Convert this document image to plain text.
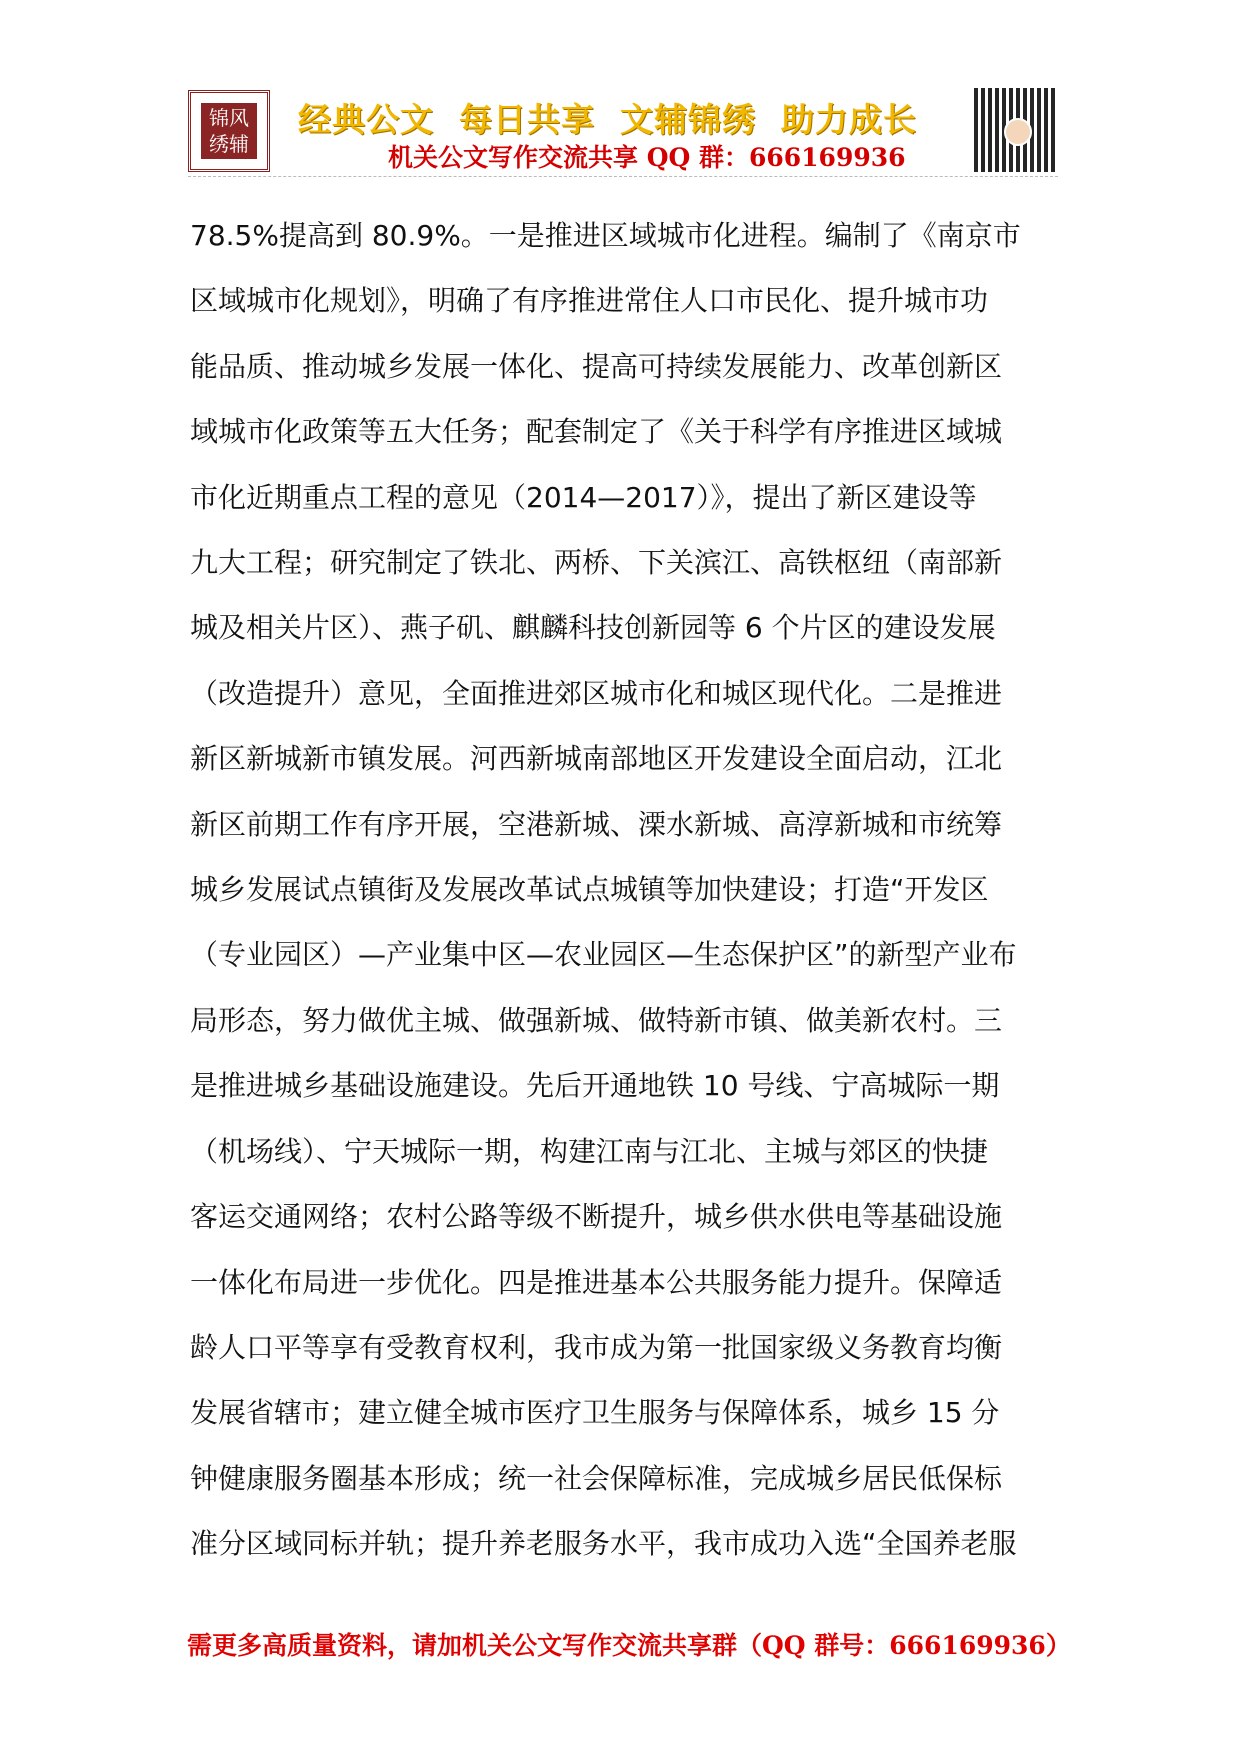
锦风
绣辅
经典公文  每日共享  文辅锦绣  助力成长
机关公文写作交流共享 QQ 群：666169936
78.5%提高到 80.9%。一是推进区域城市化进程。编制了《南京市
区域城市化规划》，明确了有序推进常住人口市民化、提升城市功
能品质、推动城乡发展一体化、提高可持续发展能力、改革创新区
域城市化政策等五大任务；配套制定了《关于科学有序推进区域城
市化近期重点工程的意见（2014—2017）》，提出了新区建设等
九大工程；研究制定了铁北、两桥、下关滨江、高铁枢纽（南部新
城及相关片区）、燕子矶、麒麟科技创新园等 6 个片区的建设发展
（改造提升）意见，全面推进郊区城市化和城区现代化。二是推进
新区新城新市镇发展。河西新城南部地区开发建设全面启动，江北
新区前期工作有序开展，空港新城、溧水新城、高淳新城和市统筹
城乡发展试点镇街及发展改革试点城镇等加快建设；打造“开发区
（专业园区）—产业集中区—农业园区—生态保护区”的新型产业布
局形态，努力做优主城、做强新城、做特新市镇、做美新农村。三
是推进城乡基础设施建设。先后开通地铁 10 号线、宁高城际一期
（机场线）、宁天城际一期，构建江南与江北、主城与郊区的快捷
客运交通网络；农村公路等级不断提升，城乡供水供电等基础设施
一体化布局进一步优化。四是推进基本公共服务能力提升。保障适
龄人口平等享有受教育权利，我市成为第一批国家级义务教育均衡
发展省辖市；建立健全城市医疗卫生服务与保障体系，城乡 15 分
钟健康服务圈基本形成；统一社会保障标准，完成城乡居民低保标
准分区域同标并轨；提升养老服务水平，我市成功入选“全国养老服
需更多高质量资料，请加机关公文写作交流共享群（QQ 群号：666169936）
